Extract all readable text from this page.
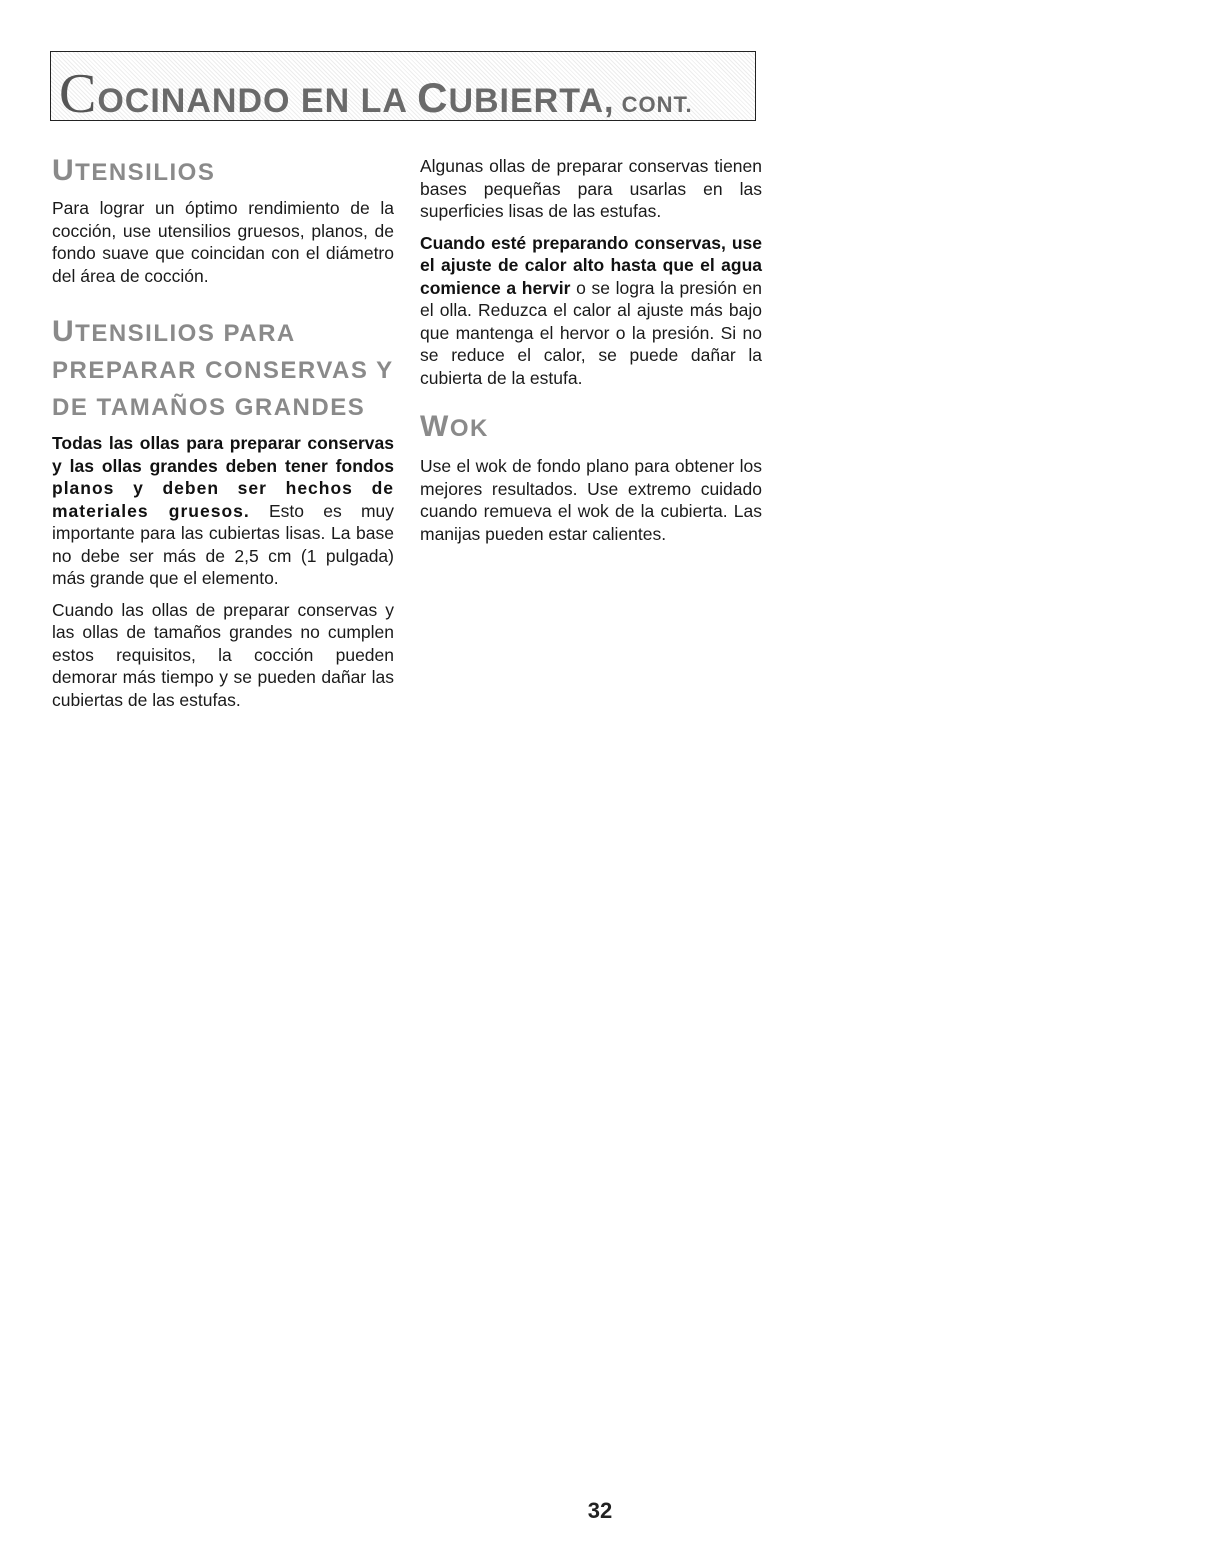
COCINANDO EN LA CUBIERTA, CONT.
UTENSILIOS

Para lograr un óptimo rendimiento de la cocción, use utensilios gruesos, planos, de fondo suave que coincidan con el diámetro del área de cocción.

UTENSILIOS PARA
PREPARAR CONSERVAS Y
DE TAMAÑOS GRANDES

Todas las ollas para preparar conservas y las ollas grandes deben tener fondos planos y deben ser hechos de materiales gruesos. Esto es muy importante para las cubiertas lisas. La base no debe ser más de 2,5 cm (1 pulgada) más grande que el elemento.

Cuando las ollas de preparar conservas y las ollas de tamaños grandes no cumplen estos requisitos, la cocción pueden demorar más tiempo y se pueden dañar las cubiertas de las estufas.

Algunas ollas de preparar conservas tienen bases pequeñas para usarlas en las superficies lisas de las estufas.

Cuando esté preparando conservas, use el ajuste de calor alto hasta que el agua comience a hervir o se logra la presión en el olla. Reduzca el calor al ajuste más bajo que mantenga el hervor o la presión. Si no se reduce el calor, se puede dañar la cubierta de la estufa.

WOK

Use el wok de fondo plano para obtener los mejores resultados. Use extremo cuidado cuando remueva el wok de la cubierta. Las manijas pueden estar calientes.

32
